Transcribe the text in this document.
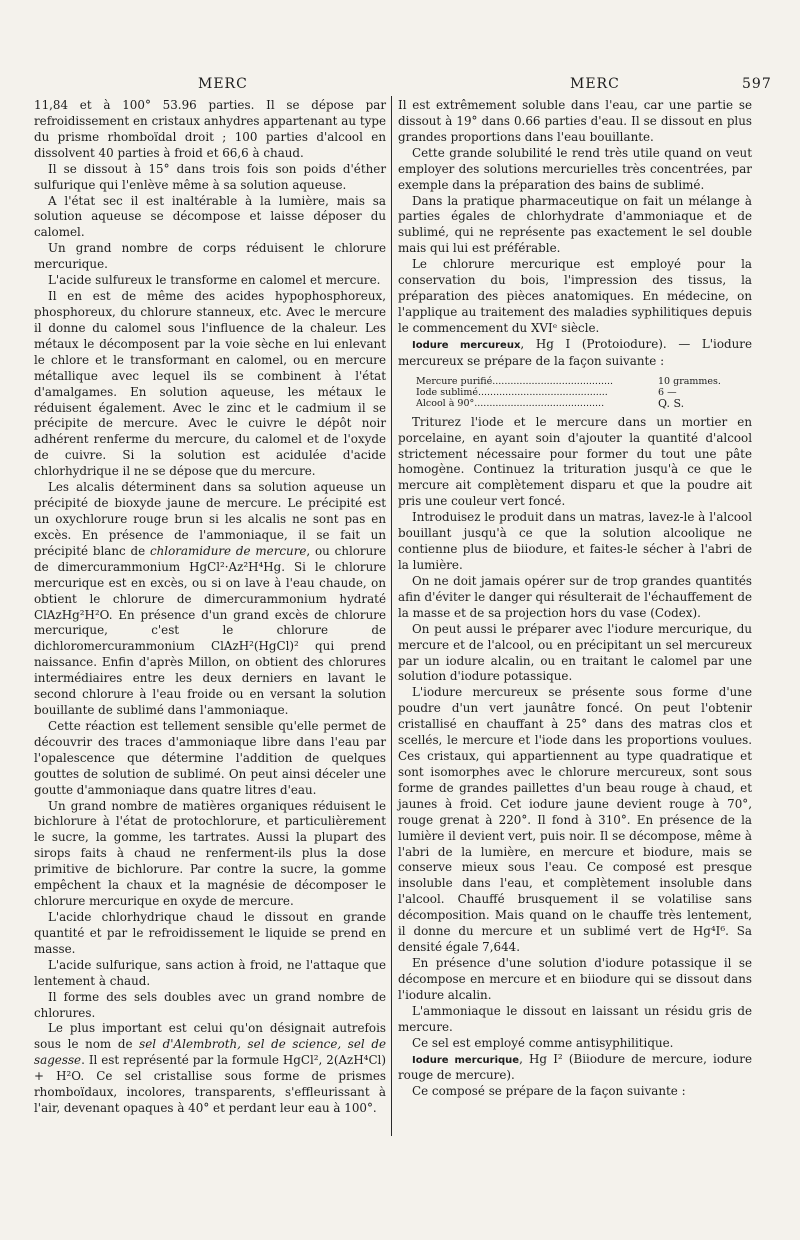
MERC	MERC	597

11,84 et à 100° 53.96 parties. Il se dépose par refroidissement en cristaux anhydres appartenant au type du prisme rhomboïdal droit ; 100 parties d'alcool en dissolvent 40 parties à froid et 66,6 à chaud.

Il se dissout à 15° dans trois fois son poids d'éther sulfurique qui l'enlève même à sa solution aqueuse.

A l'état sec il est inaltérable à la lumière, mais sa solution aqueuse se décompose et laisse déposer du calomel.

Un grand nombre de corps réduisent le chlorure mercurique.

L'acide sulfureux le transforme en calomel et mercure.

Il en est de même des acides hypophosphoreux, phosphoreux, du chlorure stanneux, etc. Avec le mercure il donne du calomel sous l'influence de la chaleur. Les métaux le décomposent par la voie sèche en lui enlevant le chlore et le transformant en calomel, ou en mercure métallique avec lequel ils se combinent à l'état d'amalgames. En solution aqueuse, les métaux le réduisent également. Avec le zinc et le cadmium il se précipite de mercure. Avec le cuivre le dépôt noir adhérent renferme du mercure, du calomel et de l'oxyde de cuivre. Si la solution est acidulée d'acide chlorhydrique il ne se dépose que du mercure.

Les alcalis déterminent dans sa solution aqueuse un précipité de bioxyde jaune de mercure. Le précipité est un oxychlorure rouge brun si les alcalis ne sont pas en excès. En présence de l'ammoniaque, il se fait un précipité blanc de chloramidure de mercure, ou chlorure de dimercurammonium HgCl²·Az²H⁴Hg. Si le chlorure mercurique est en excès, ou si on lave à l'eau chaude, on obtient le chlorure de dimercurammonium hydraté ClAzHg²H²O. En présence d'un grand excès de chlorure mercurique, c'est le chlorure de dichloromercurammonium ClAzH²(HgCl)² qui prend naissance. Enfin d'après Millon, on obtient des chlorures intermédiaires entre les deux derniers en lavant le second chlorure à l'eau froide ou en versant la solution bouillante de sublimé dans l'ammoniaque.

Cette réaction est tellement sensible qu'elle permet de découvrir des traces d'ammoniaque libre dans l'eau par l'opalescence que détermine l'addition de quelques gouttes de solution de sublimé. On peut ainsi déceler une goutte d'ammoniaque dans quatre litres d'eau.

Un grand nombre de matières organiques réduisent le bichlorure à l'état de protochlorure, et particulièrement le sucre, la gomme, les tartrates. Aussi la plupart des sirops faits à chaud ne renferment-ils plus la dose primitive de bichlorure. Par contre la sucre, la gomme empêchent la chaux et la magnésie de décomposer le chlorure mercurique en oxyde de mercure.

L'acide chlorhydrique chaud le dissout en grande quantité et par le refroidissement le liquide se prend en masse.

L'acide sulfurique, sans action à froid, ne l'attaque que lentement à chaud.

Il forme des sels doubles avec un grand nombre de chlorures.

Le plus important est celui qu'on désignait autrefois sous le nom de sel d'Alembroth, sel de science, sel de sagesse. Il est représenté par la formule HgCl², 2(AzH⁴Cl) + H²O. Ce sel cristallise sous forme de prismes rhomboïdaux, incolores, transparents, s'effleurissant à l'air, devenant opaques à 40° et perdant leur eau à 100°.

Il est extrêmement soluble dans l'eau, car une partie se dissout à 19° dans 0.66 parties d'eau. Il se dissout en plus grandes proportions dans l'eau bouillante.

Cette grande solubilité le rend très utile quand on veut employer des solutions mercurielles très concentrées, par exemple dans la préparation des bains de sublimé.

Dans la pratique pharmaceutique on fait un mélange à parties égales de chlorhydrate d'ammoniaque et de sublimé, qui ne représente pas exactement le sel double mais qui lui est préférable.

Le chlorure mercurique est employé pour la conservation du bois, l'impression des tissus, la préparation des pièces anatomiques. En médecine, on l'applique au traitement des maladies syphilitiques depuis le commencement du XVIᵉ siècle.

Iodure mercureux, Hg I (Protoiodure). — L'iodure mercureux se prépare de la façon suivante :

Mercure purifié........................................	10 grammes.
Iode sublimé...........................................	6 —
Alcool à 90°...........................................	Q. S.

Triturez l'iode et le mercure dans un mortier en porcelaine, en ayant soin d'ajouter la quantité d'alcool strictement nécessaire pour former du tout une pâte homogène. Continuez la trituration jusqu'à ce que le mercure ait complètement disparu et que la poudre ait pris une couleur vert foncé.

Introduisez le produit dans un matras, lavez-le à l'alcool bouillant jusqu'à ce que la solution alcoolique ne contienne plus de biiodure, et faites-le sécher à l'abri de la lumière.

On ne doit jamais opérer sur de trop grandes quantités afin d'éviter le danger qui résulterait de l'échauffement de la masse et de sa projection hors du vase (Codex).

On peut aussi le préparer avec l'iodure mercurique, du mercure et de l'alcool, ou en précipitant un sel mercureux par un iodure alcalin, ou en traitant le calomel par une solution d'iodure potassique.

L'iodure mercureux se présente sous forme d'une poudre d'un vert jaunâtre foncé. On peut l'obtenir cristallisé en chauffant à 25° dans des matras clos et scellés, le mercure et l'iode dans les proportions voulues. Ces cristaux, qui appartiennent au type quadratique et sont isomorphes avec le chlorure mercureux, sont sous forme de grandes paillettes d'un beau rouge à chaud, et jaunes à froid. Cet iodure jaune devient rouge à 70°, rouge grenat à 220°. Il fond à 310°. En présence de la lumière il devient vert, puis noir. Il se décompose, même à l'abri de la lumière, en mercure et biodure, mais se conserve mieux sous l'eau. Ce composé est presque insoluble dans l'eau, et complètement insoluble dans l'alcool. Chauffé brusquement il se volatilise sans décomposition. Mais quand on le chauffe très lentement, il donne du mercure et un sublimé vert de Hg⁴I⁶. Sa densité égale 7,644.

En présence d'une solution d'iodure potassique il se décompose en mercure et en biiodure qui se dissout dans l'iodure alcalin.

L'ammoniaque le dissout en laissant un résidu gris de mercure.

Ce sel est employé comme antisyphilitique.

Iodure mercurique, Hg I² (Biiodure de mercure, iodure rouge de mercure).

Ce composé se prépare de la façon suivante :
